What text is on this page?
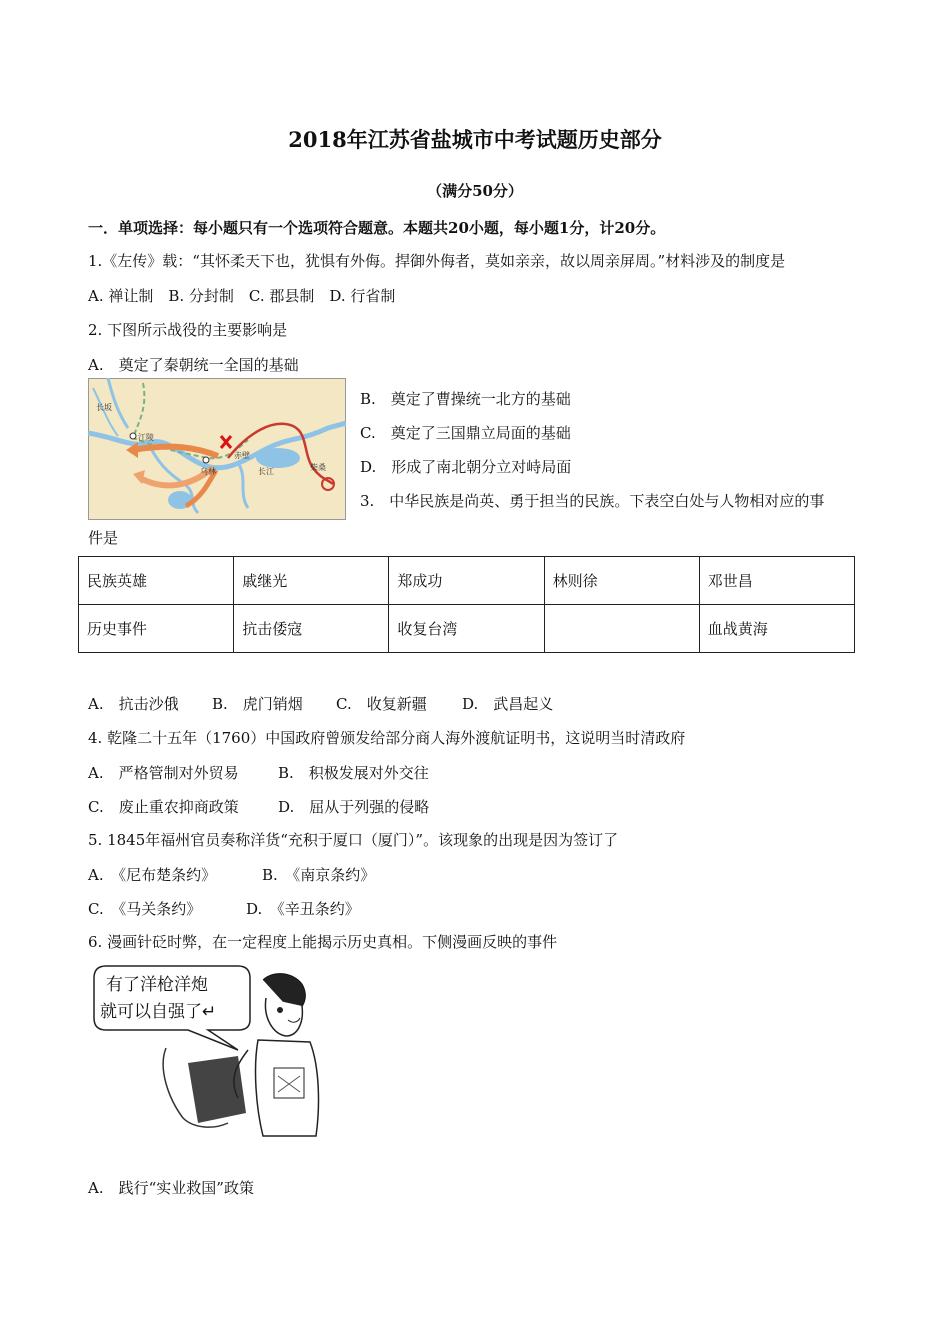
2018年江苏省盐城市中考试题历史部分
（满分50分）
一．单项选择：每小题只有一个选项符合题意。本题共20小题，每小题1分，计20分。
1.《左传》载：“其怀柔天下也，犹惧有外侮。捍御外侮者，莫如亲亲，故以周亲屏周。”材料涉及的制度是
A. 禅让制　B. 分封制　C. 郡县制　D. 行省制
2. 下图所示战役的主要影响是
A.　奠定了秦朝统一全国的基础
长坂
江陵
乌林
赤壁
柴桑
长江
B.　奠定了曹操统一北方的基础
C.　奠定了三国鼎立局面的基础
D.　形成了南北朝分立对峙局面
3.　中华民族是尚英、勇于担当的民族。下表空白处与人物相对应的事
件是
民族英雄	戚继光	郑成功	林则徐	邓世昌
历史事件	抗击倭寇	收复台湾		血战黄海
A.　抗击沙俄 B.　虎门销烟 C.　收复新疆 D.　武昌起义
4. 乾隆二十五年（1760）中国政府曾颁发给部分商人海外渡航证明书，这说明当时清政府
A.　严格管制对外贸易	B.　积极发展对外交往
C.　废止重农抑商政策	D.　屈从于列强的侵略
5. 1845年福州官员奏称洋货“充积于厦口（厦门）”。该现象的出现是因为签订了
A.　《尼布楚条约》	B.　《南京条约》
C.　《马关条约》	D.　《辛丑条约》
6. 漫画针砭时弊，在一定程度上能揭示历史真相。下侧漫画反映的事件
有了洋枪洋炮
就可以自强了↵
A.　践行“实业救国”政策
